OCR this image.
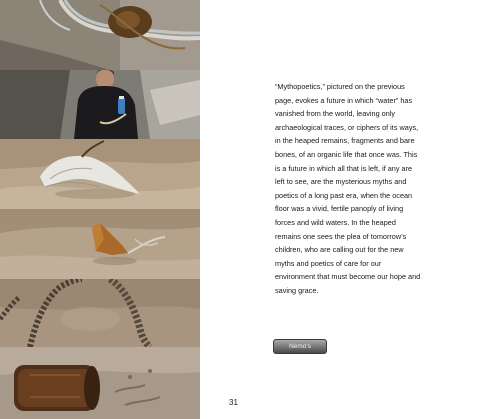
“Mythopoetics,” pictured on the previous page, evokes a future in which “water” has vanished from the world, leaving only archaeological traces, or ciphers of its ways, in the heaped remains, fragments and bare bones, of an organic life that once was. This is a future in which all that is left, if any are left to see, are the mysterious myths and poetics of a long past era, when the ocean floor was a vivid, fertile panoply of living forces and wild waters. In the heaped remains one sees the plea of tomorrow’s children, who are calling out for the new myths and poetics of care for our environment that must become our hope and saving grace.

Nemo's
31
